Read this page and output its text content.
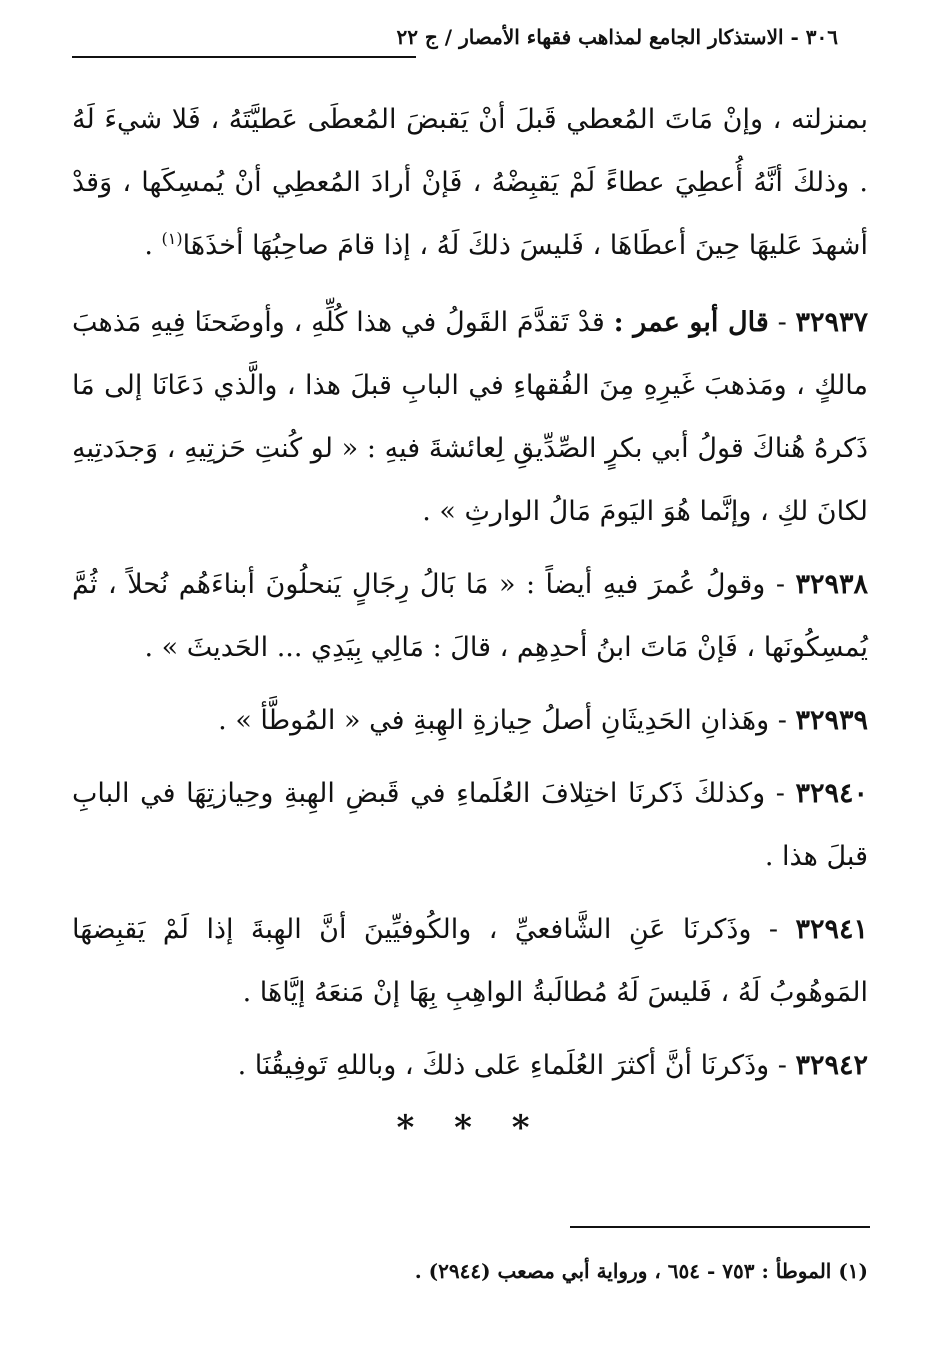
٣٠٦ - الاستذكار الجامع لمذاهب فقهاء الأمصار / ج ٢٢

بمنزلته ، وإنْ مَاتَ المُعطي قَبلَ أنْ يَقبضَ المُعطَى عَطيَّتَهُ ، فَلا شيءَ لَهُ . وذلكَ أنَّهُ أُعطِيَ عطاءً لَمْ يَقبِضْهُ ، فَإنْ أرادَ المُعطِي أنْ يُمسِكَها ، وَقدْ أشهدَ عَليهَا حِينَ أعطَاهَا ، فَليسَ ذلكَ لَهُ ، إذا قامَ صاحِبُهَا أخذَهَا$^{(١)}$ .

٣٢٩٣٧ - قال أبو عمر : قدْ تَقدَّمَ القَولُ في هذا كُلِّهِ ، وأوضَحنَا فِيهِ مَذهبَ مالكٍ ، ومَذهبَ غَيرِهِ مِنَ الفُقهاءِ في البابِ قبلَ هذا ، والَّذي دَعَانَا إلى مَا ذَكرهُ هُناكَ قولُ أبي بكرٍ الصِّدِّيقِ لِعائشةَ فيهِ : « لو كُنتِ حَزتِيهِ ، وَجدَدتِيهِ لكانَ لكِ ، وإنَّما هُوَ اليَومَ مَالُ الوارثِ » .

٣٢٩٣٨ - وقولُ عُمرَ فيهِ أيضاً : « مَا بَالُ رِجَالٍ يَنحلُونَ أبناءَهُم نُحلاً ، ثُمَّ يُمسِكُونَها ، فَإنْ مَاتَ ابنُ أحدِهِم ، قالَ : مَالِي بِيَدِي ... الحَديثَ » .

٣٢٩٣٩ - وهَذانِ الحَدِيثَانِ أصلُ حِيازةِ الهِبةِ في « المُوطَّأ » .

٣٢٩٤٠ - وكذلكَ ذَكرنَا اختِلافَ العُلَماءِ في قَبضِ الهِبةِ وحِيازتِهَا في البابِ قبلَ هذا .

٣٢٩٤١ - وذَكرنَا عَنِ الشَّافعيِّ ، والكُوفيِّينَ أنَّ الهِبةَ إذا لَمْ يَقبِضهَا المَوهُوبُ لَهُ ، فَليسَ لَهُ مُطالَبةُ الواهِبِ بِهَا إنْ مَنعَهُ إيَّاهَا .

٣٢٩٤٢ - وذَكرنَا أنَّ أكثرَ العُلَماءِ عَلى ذلكَ ، وباللهِ تَوفِيقُنَا .

* * *
(١) الموطأ : ٧٥٣ - ٦٥٤ ، ورواية أبي مصعب (٢٩٤٤) .
